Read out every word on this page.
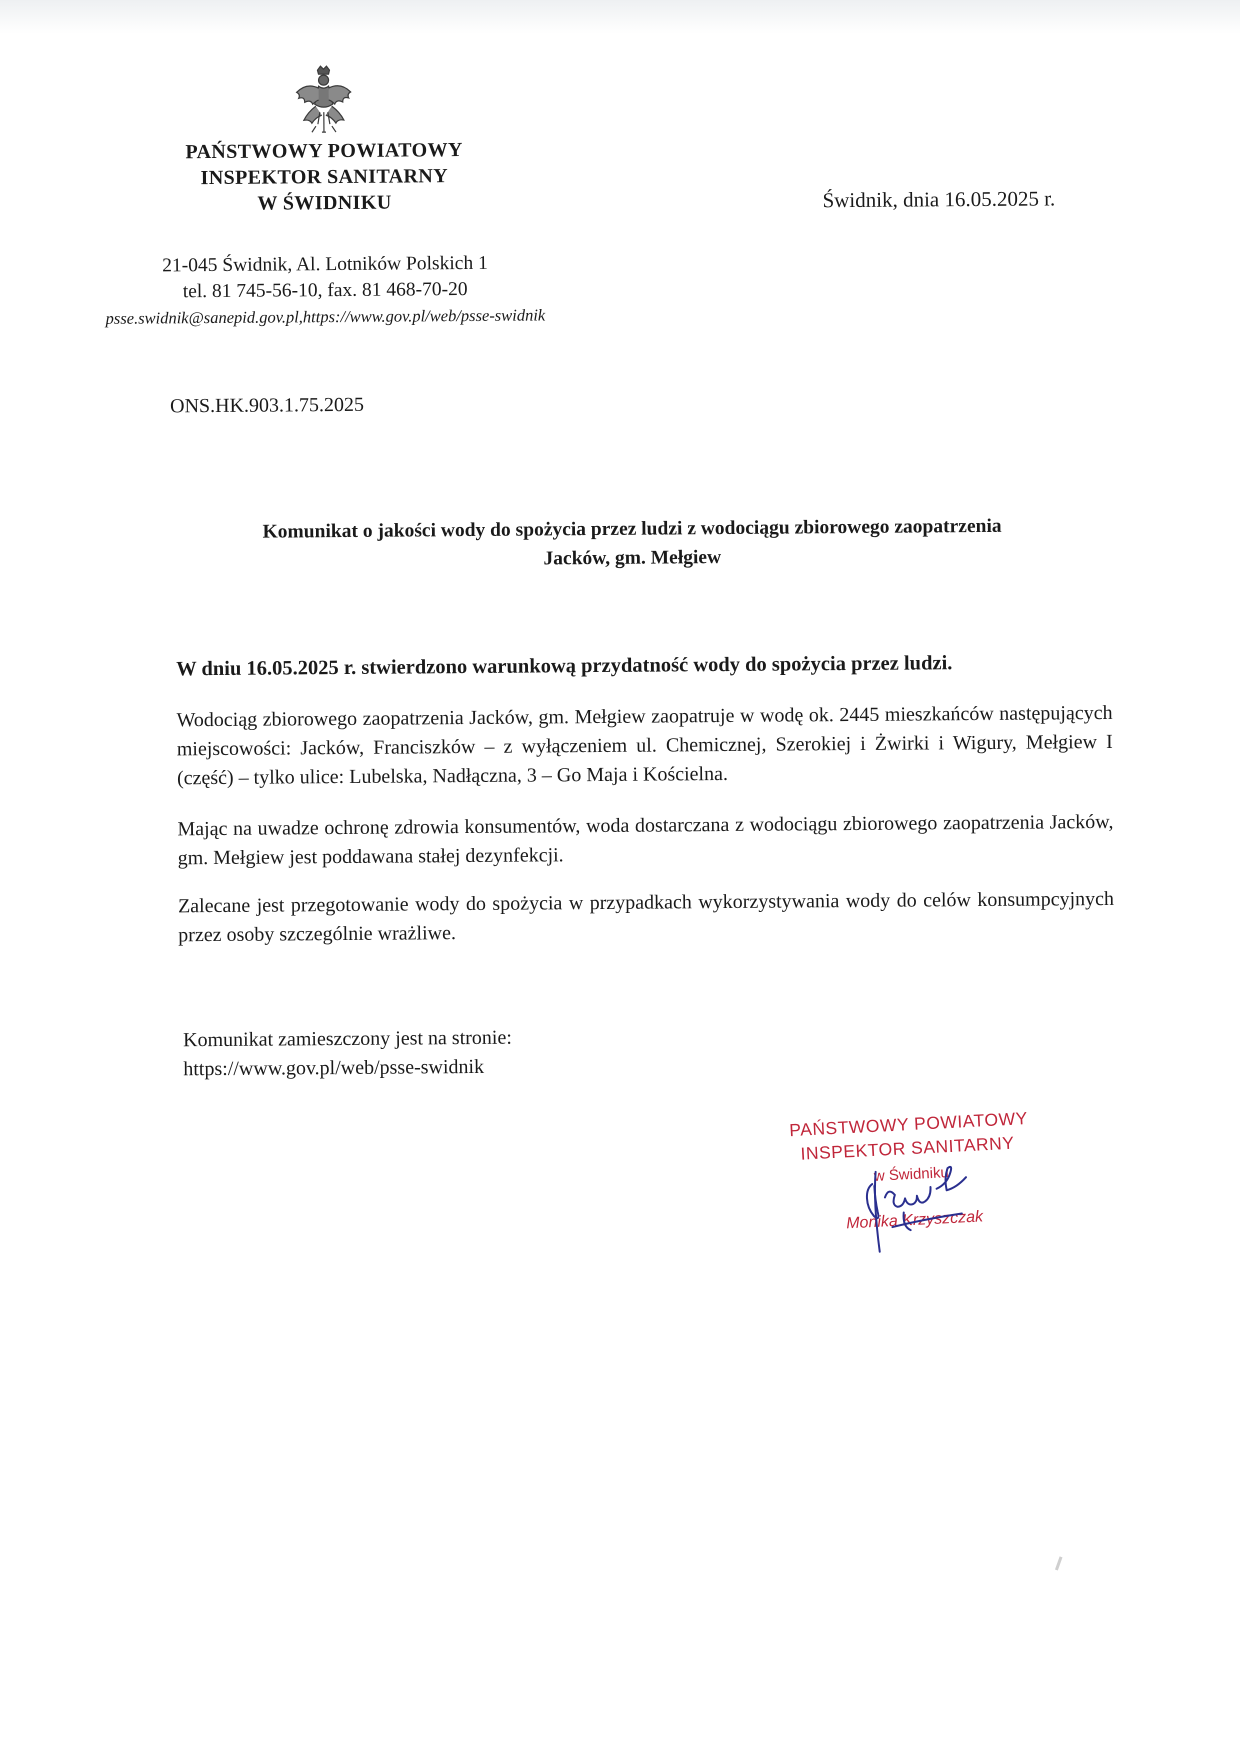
PAŃSTWOWY POWIATOWY
INSPEKTOR SANITARNY
W ŚWIDNIKU	Świdnik, dnia 16.05.2025 r.
21-045 Świdnik, Al. Lotników Polskich 1
tel. 81 745-56-10, fax. 81 468-70-20
psse.swidnik@sanepid.gov.pl,https://www.gov.pl/web/psse-swidnik
ONS.HK.903.1.75.2025
Komunikat o jakości wody do spożycia przez ludzi z wodociągu zbiorowego zaopatrzenia
Jacków, gm. Mełgiew
W dniu 16.05.2025 r. stwierdzono warunkową przydatność wody do spożycia przez ludzi.
Wodociąg zbiorowego zaopatrzenia Jacków, gm. Mełgiew zaopatruje w wodę ok. 2445 mieszkańców następujących miejscowości: Jacków, Franciszków – z wyłączeniem ul. Chemicznej, Szerokiej i Żwirki i Wigury, Mełgiew I (część) – tylko ulice: Lubelska, Nadłączna, 3 – Go Maja i Kościelna.
Mając na uwadze ochronę zdrowia konsumentów, woda dostarczana z wodociągu zbiorowego zaopatrzenia Jacków, gm. Mełgiew jest poddawana stałej dezynfekcji.
Zalecane jest przegotowanie wody do spożycia w przypadkach wykorzystywania wody do celów konsumpcyjnych przez osoby szczególnie wrażliwe.
Komunikat zamieszczony jest na stronie:
https://www.gov.pl/web/psse-swidnik
PAŃSTWOWY POWIATOWY
INSPEKTOR SANITARNY
w Świdniku
Monika Krzyszczak
